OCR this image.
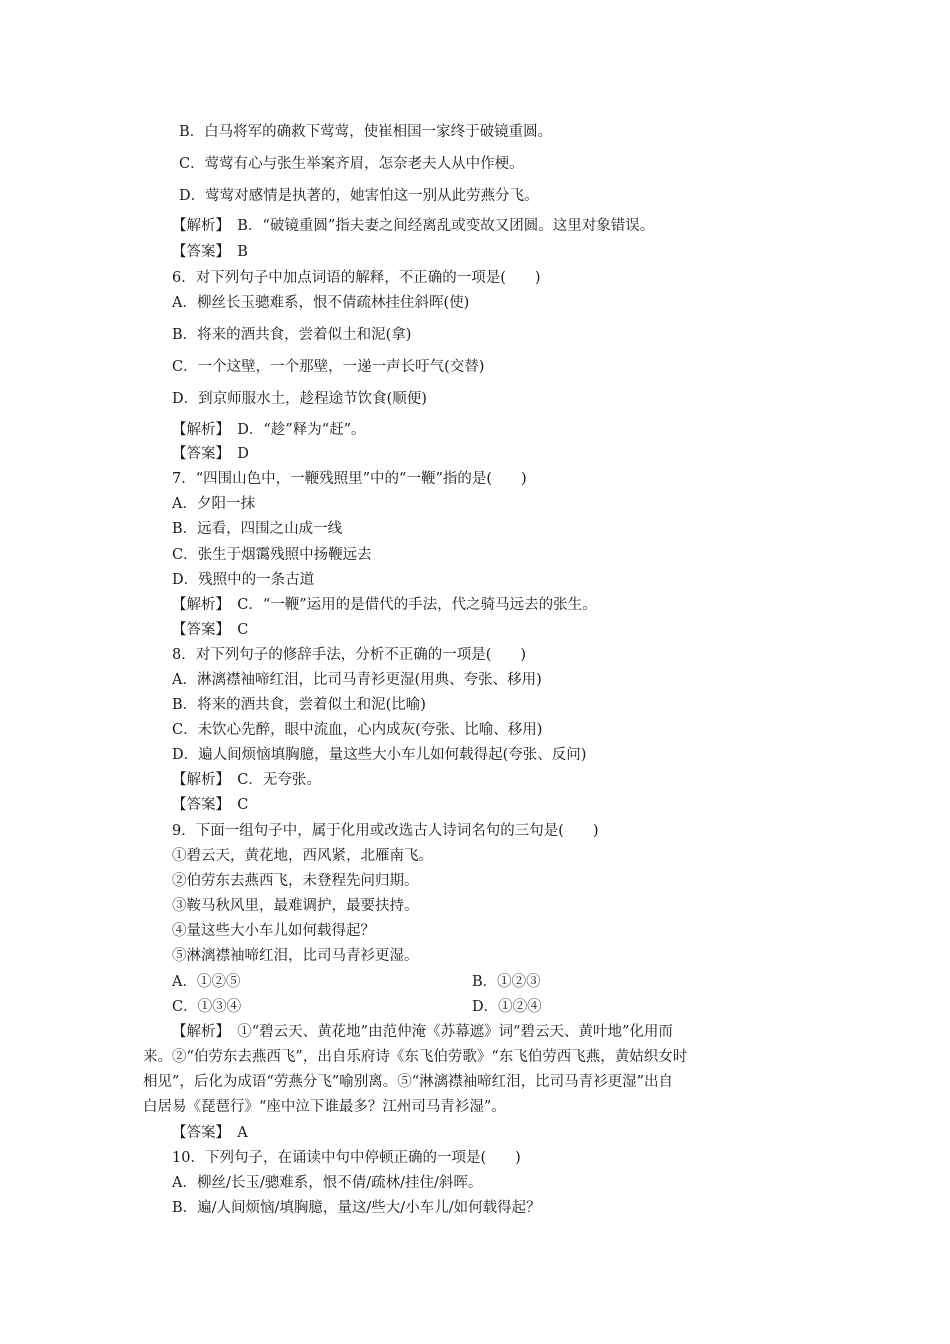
B．白马将军的确救下莺莺，使崔相国一家终于破镜重圆。
C．莺莺有心与张生举案齐眉，怎奈老夫人从中作梗。
D．莺莺对感情是执著的，她害怕这一别从此劳燕分飞。
【解析】　 B．“破镜重圆”指夫妻之间经离乱或变故又团圆。这里对象错误。
【答案】　 B
6．对下列句子中加点词语的解释，不正确的一项是(　　)
A．柳丝长玉骢难系，恨不倩疏林挂住斜晖(使)
B．将来的酒共食，尝着似土和泥(拿)
C．一个这壁，一个那壁，一递一声长吁气(交替)
D．到京师服水土，趁程途节饮食(顺便)
【解析】　 D．“趁”释为“赶”。
【答案】　 D
7．“四围山色中，一鞭残照里”中的“一鞭”指的是(　　)
A．夕阳一抹
B．远看，四围之山成一线
C．张生于烟霭残照中扬鞭远去
D．残照中的一条古道
【解析】　 C．“一鞭”运用的是借代的手法，代之骑马远去的张生。
【答案】　 C
8．对下列句子的修辞手法，分析不正确的一项是(　　)
A．淋漓襟袖啼红泪，比司马青衫更湿(用典、夸张、移用)
B．将来的酒共食，尝着似土和泥(比喻)
C．未饮心先醉，眼中流血，心内成灰(夸张、比喻、移用)
D．遍人间烦恼填胸臆，量这些大小车儿如何载得起(夸张、反问)
【解析】　 C．无夸张。
【答案】　 C
9．下面一组句子中，属于化用或改选古人诗词名句的三句是(　　)
①碧云天，黄花地，西风紧，北雁南飞。
②伯劳东去燕西飞，未登程先问归期。
③鞍马秋风里，最难调护，最要扶持。
④量这些大小车儿如何载得起？
⑤淋漓襟袖啼红泪，比司马青衫更湿。
A．①②⑤	B．①②③
C．①③④	D．①②④
【解析】　 ①“碧云天、黄花地”由范仲淹《苏幕遮》词“碧云天、黄叶地”化用而
来。②“伯劳东去燕西飞”，出自乐府诗《东飞伯劳歌》“东飞伯劳西飞燕，黄姑织女时
相见”，后化为成语“劳燕分飞”喻别离。⑤“淋漓襟袖啼红泪，比司马青衫更湿”出自
白居易《琵琶行》“座中泣下谁最多？江州司马青衫湿”。
【答案】　 A
10．下列句子，在诵读中句中停顿正确的一项是(　　)
A．柳丝/长玉/骢难系，恨不倩/疏林/挂住/斜晖。
B．遍/人间烦恼/填胸臆，量这/些大/小车儿/如何载得起？
